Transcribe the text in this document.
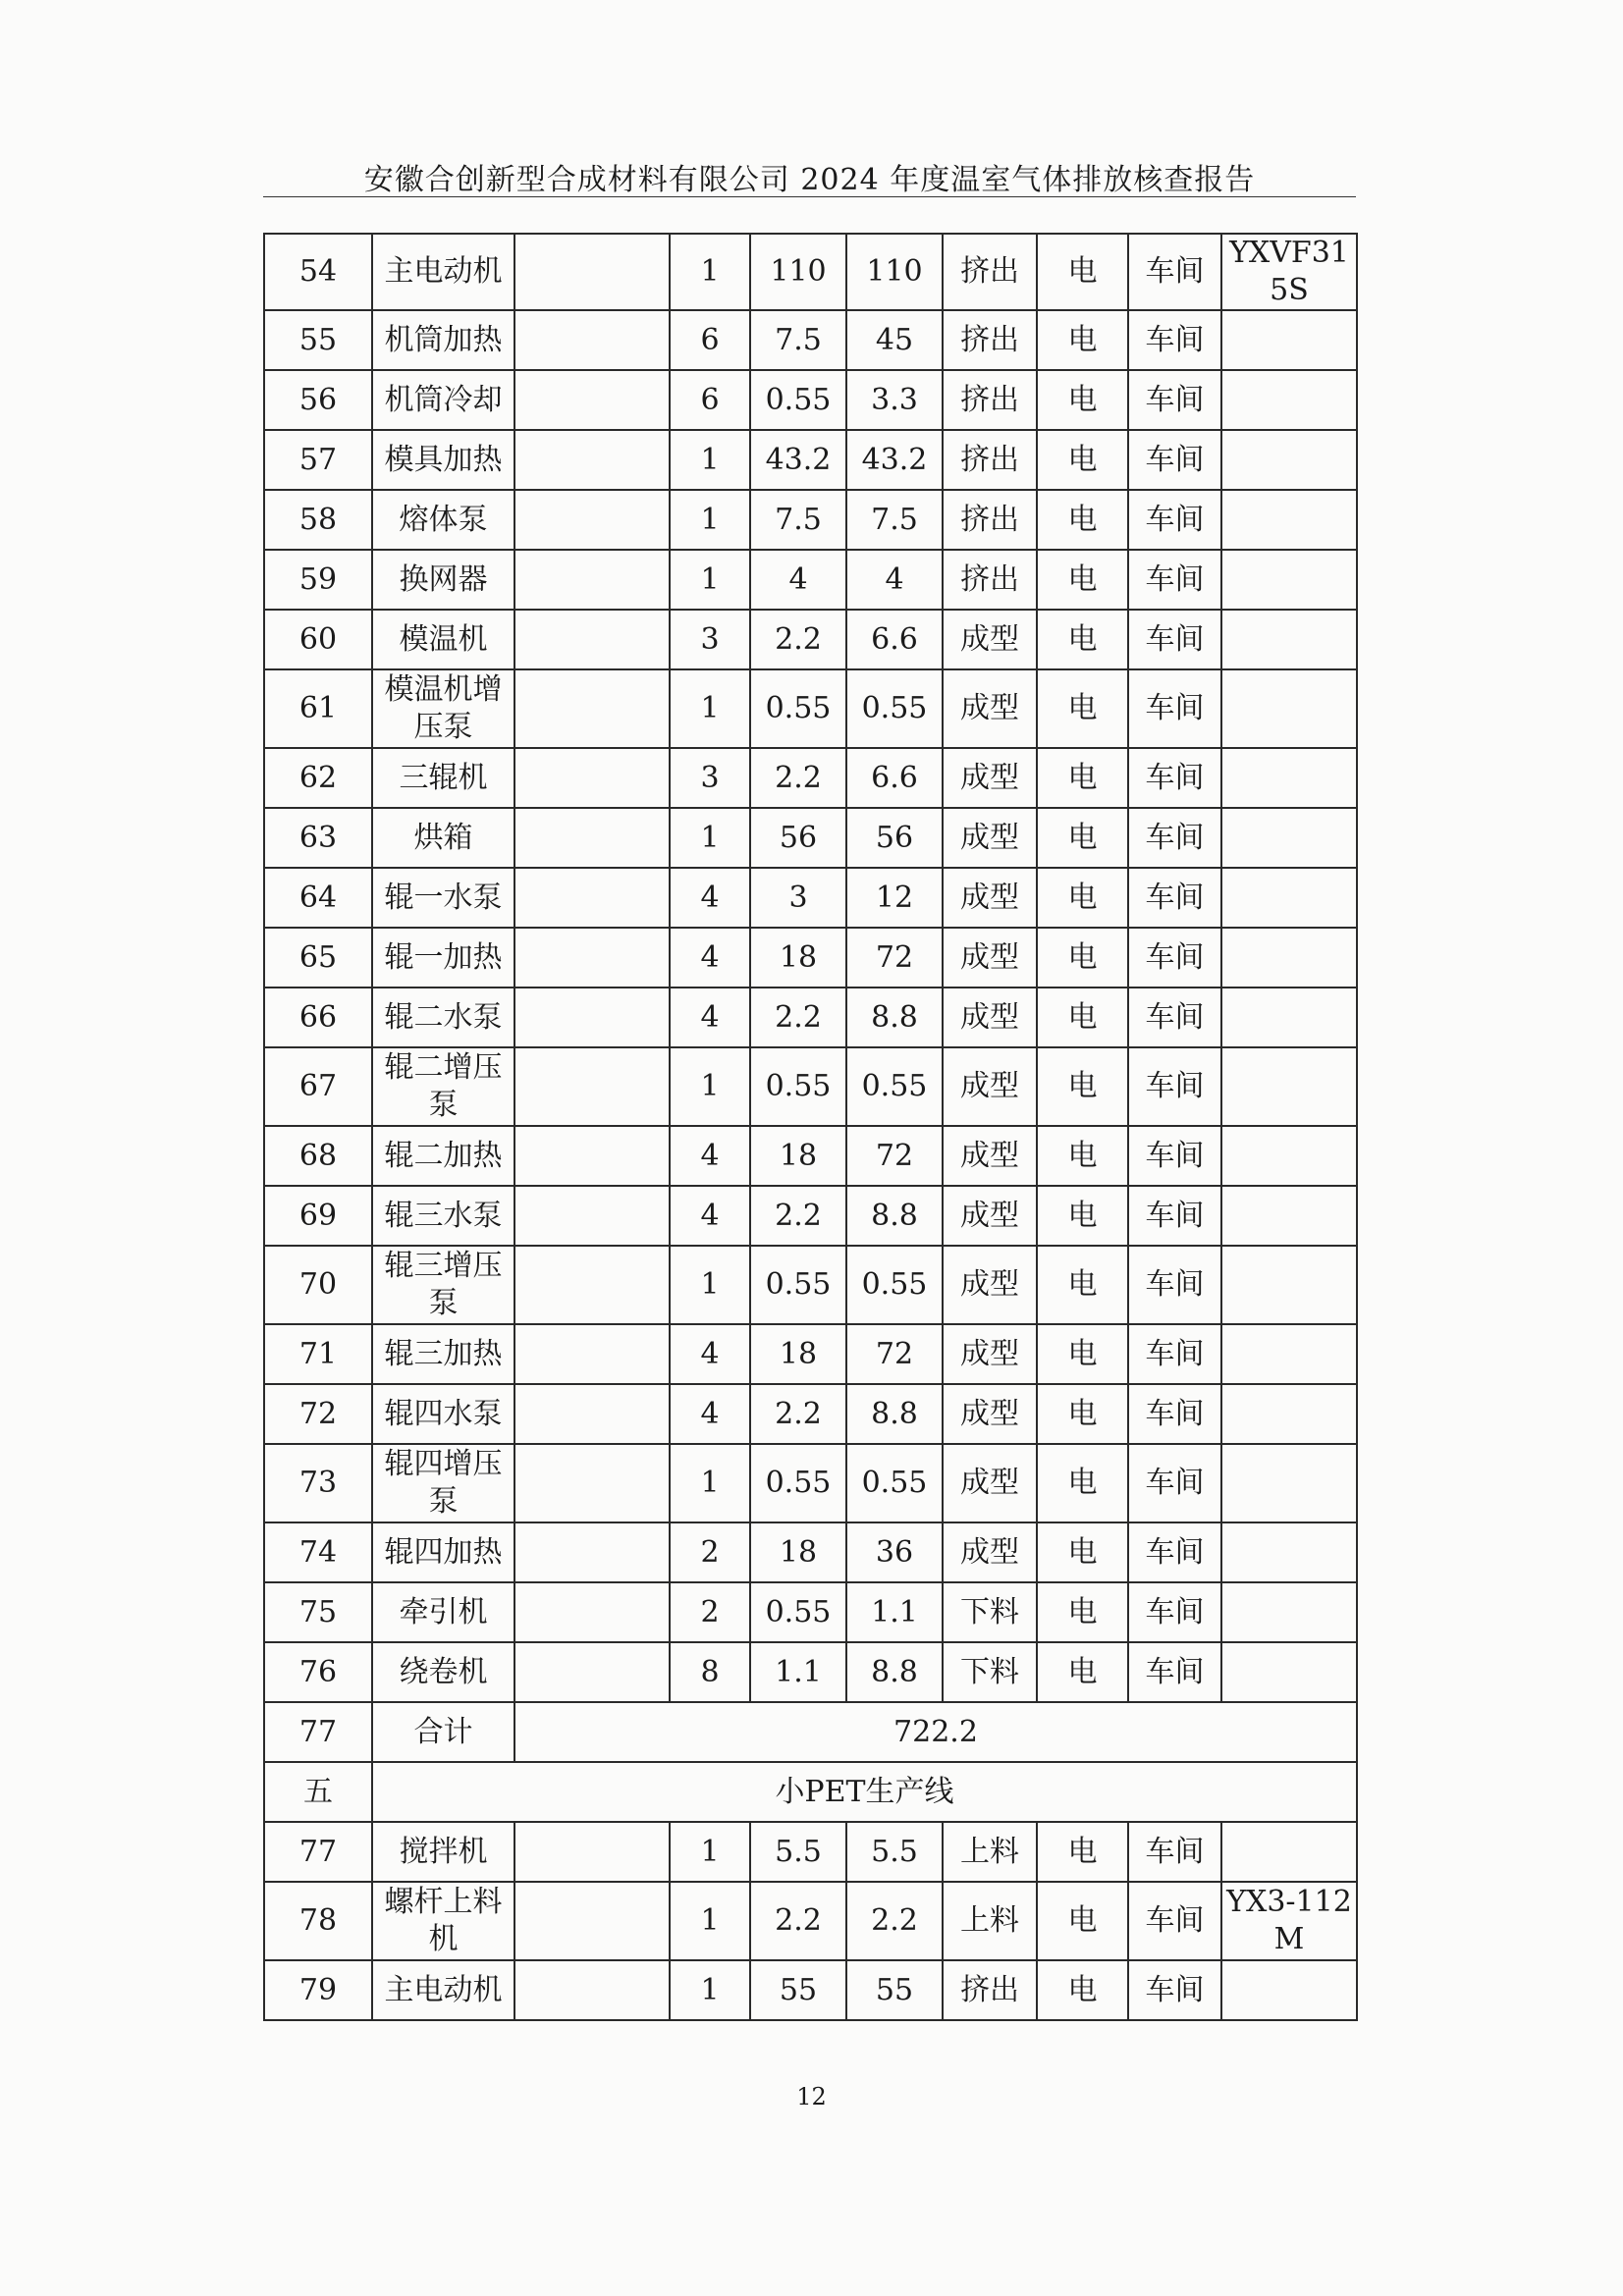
安徽合创新型合成材料有限公司 2024 年度温室气体排放核查报告
54	主电动机		1	110	110	挤出	电	车间	YXVF315S
55	机筒加热		6	7.5	45	挤出	电	车间	
56	机筒冷却		6	0.55	3.3	挤出	电	车间	
57	模具加热		1	43.2	43.2	挤出	电	车间	
58	熔体泵		1	7.5	7.5	挤出	电	车间	
59	换网器		1	4	4	挤出	电	车间	
60	模温机		3	2.2	6.6	成型	电	车间	
61	模温机增压泵		1	0.55	0.55	成型	电	车间	
62	三辊机		3	2.2	6.6	成型	电	车间	
63	烘箱		1	56	56	成型	电	车间	
64	辊一水泵		4	3	12	成型	电	车间	
65	辊一加热		4	18	72	成型	电	车间	
66	辊二水泵		4	2.2	8.8	成型	电	车间	
67	辊二增压泵		1	0.55	0.55	成型	电	车间	
68	辊二加热		4	18	72	成型	电	车间	
69	辊三水泵		4	2.2	8.8	成型	电	车间	
70	辊三增压泵		1	0.55	0.55	成型	电	车间	
71	辊三加热		4	18	72	成型	电	车间	
72	辊四水泵		4	2.2	8.8	成型	电	车间	
73	辊四增压泵		1	0.55	0.55	成型	电	车间	
74	辊四加热		2	18	36	成型	电	车间	
75	牵引机		2	0.55	1.1	下料	电	车间	
76	绕卷机		8	1.1	8.8	下料	电	车间	
77	合计	722.2							
五	小PET生产线								
77	搅拌机		1	5.5	5.5	上料	电	车间	
78	螺杆上料机		1	2.2	2.2	上料	电	车间	YX3-112M
79	主电动机		1	55	55	挤出	电	车间	
12
